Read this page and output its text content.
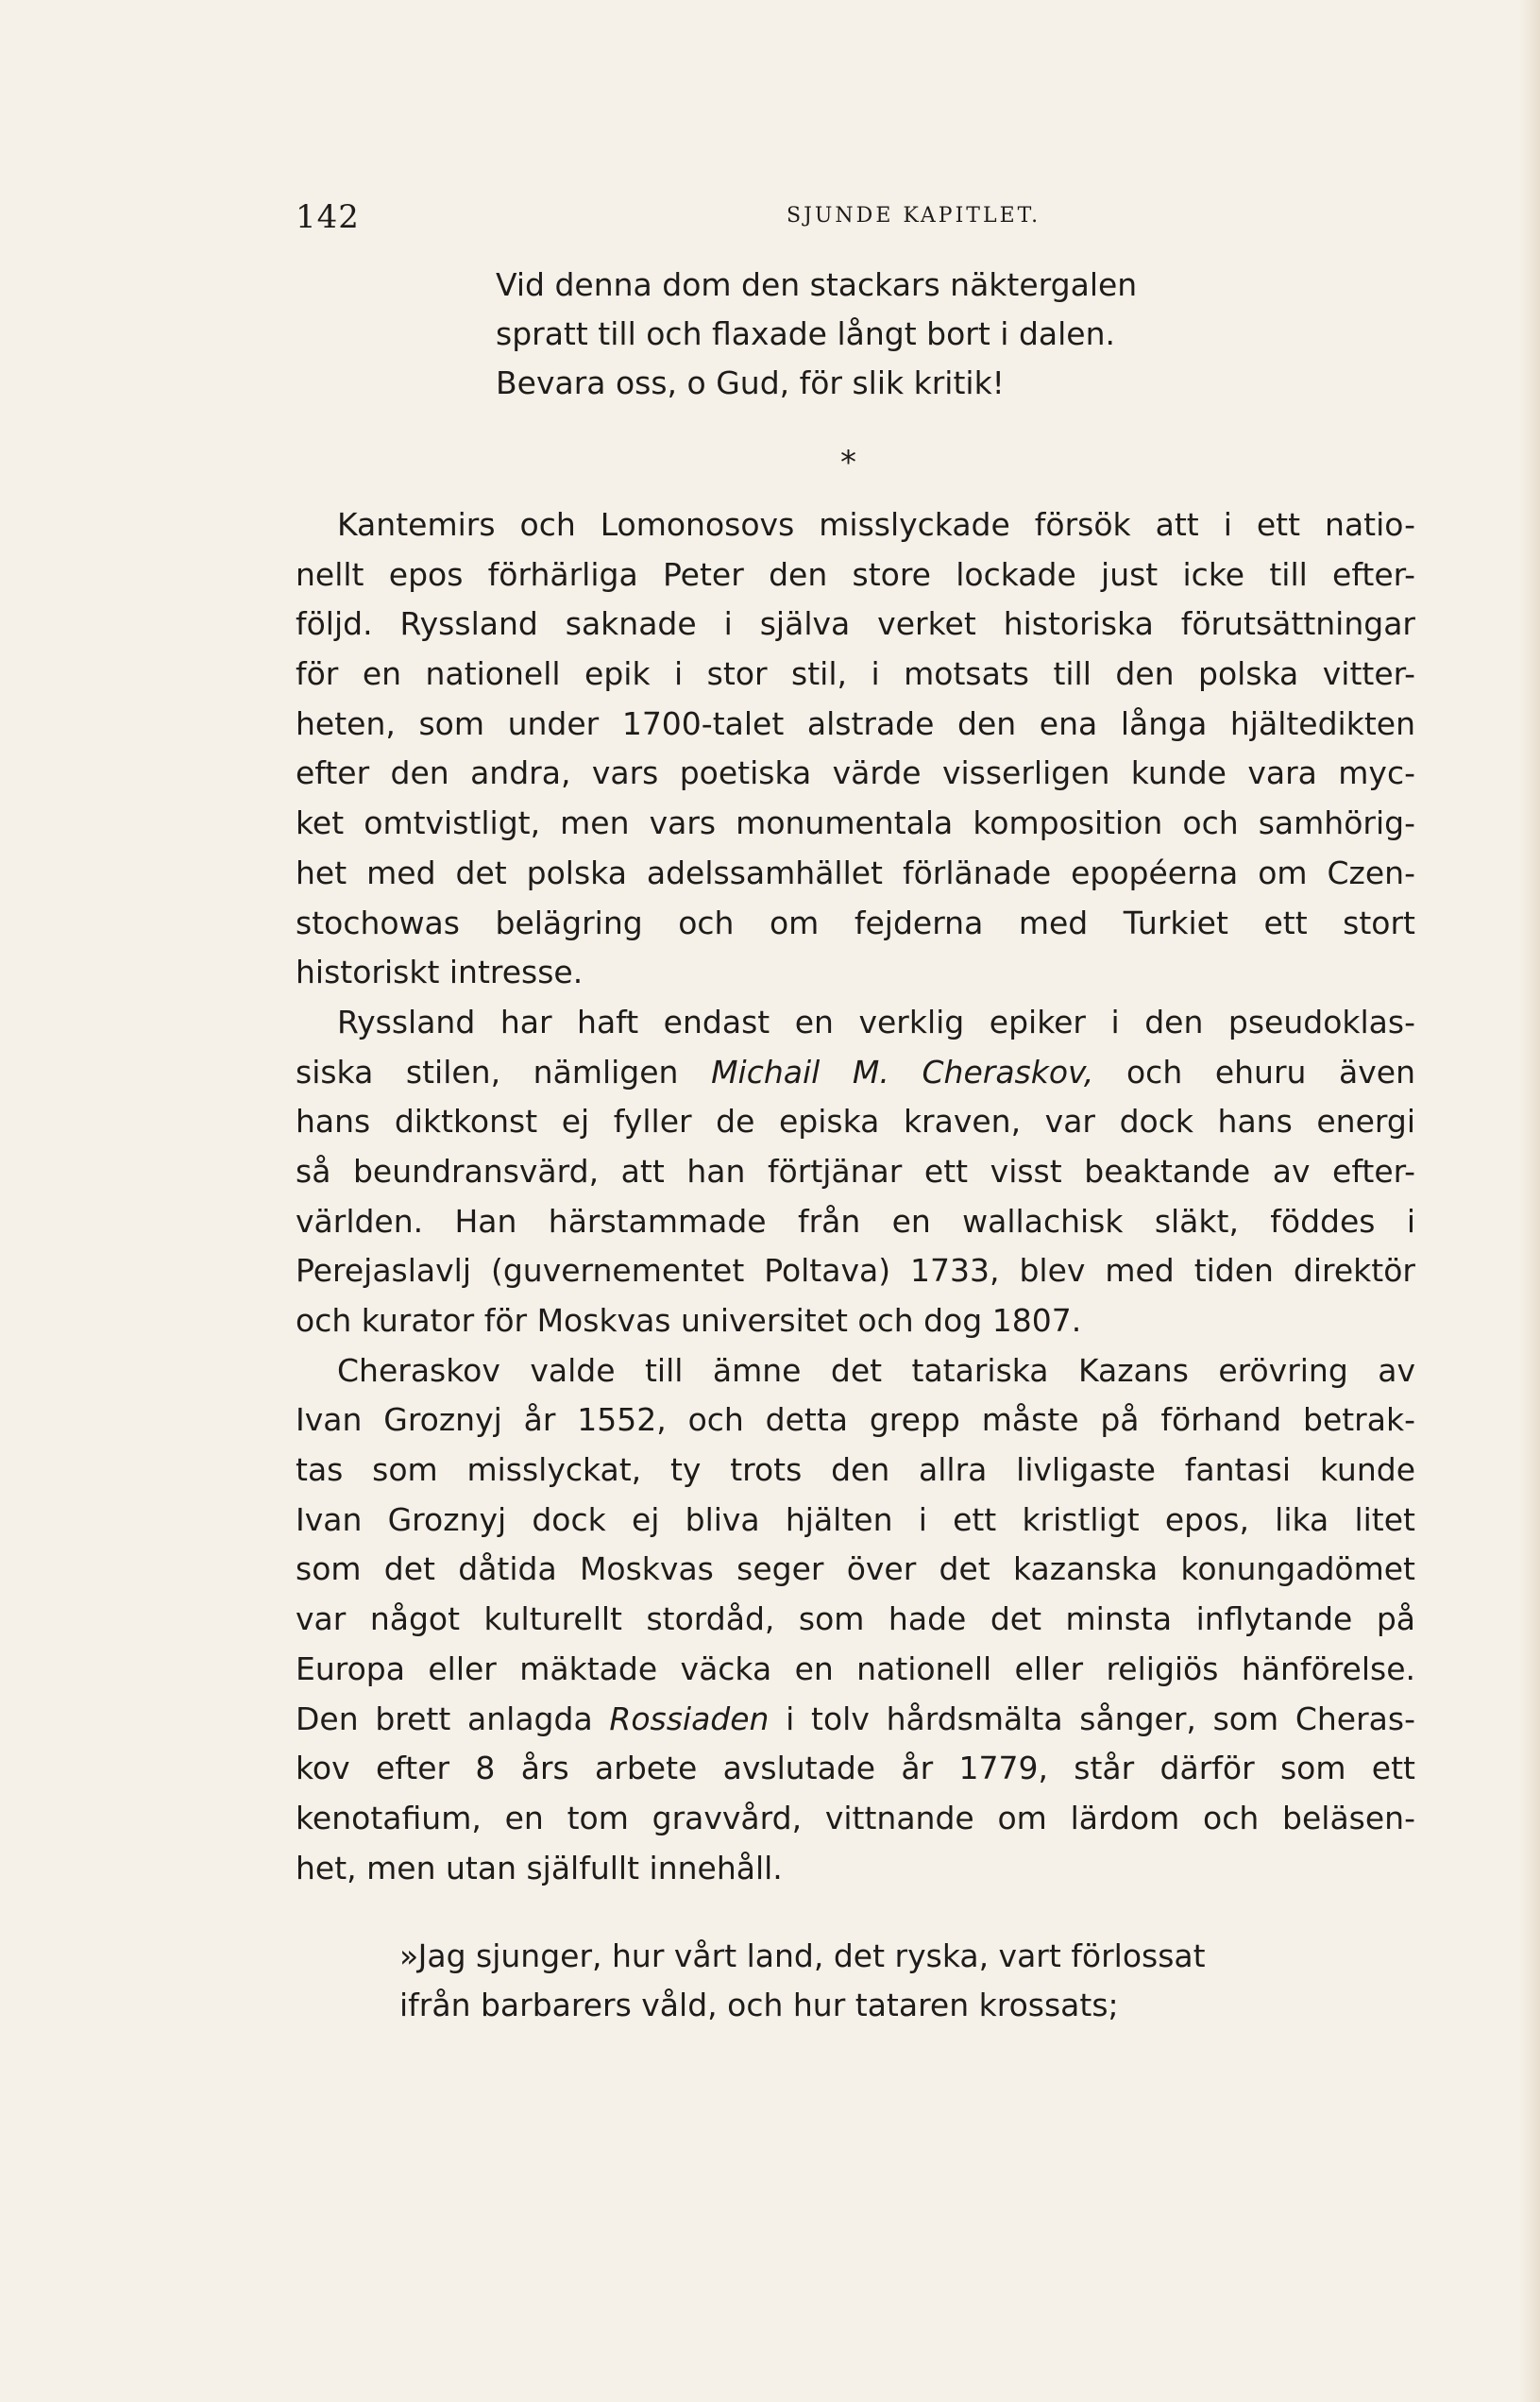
142	SJUNDE KAPITLET.
Vid denna dom den stackars näktergalen
spratt till och flaxade långt bort i dalen.
Bevara oss, o Gud, för slik kritik!
*
Kantemirs och Lomonosovs misslyckade försök att i ett natio-
nellt epos förhärliga Peter den store lockade just icke till efter-
följd. Ryssland saknade i själva verket historiska förutsättningar
för en nationell epik i stor stil, i motsats till den polska vitter-
heten, som under 1700-talet alstrade den ena långa hjältedikten
efter den andra, vars poetiska värde visserligen kunde vara myc-
ket omtvistligt, men vars monumentala komposition och samhörig-
het med det polska adelssamhället förlänade epopéerna om Czen-
stochowas belägring och om fejderna med Turkiet ett stort
historiskt intresse.
Ryssland har haft endast en verklig epiker i den pseudoklas-
siska stilen, nämligen Michail M. Cheraskov, och ehuru även
hans diktkonst ej fyller de episka kraven, var dock hans energi
så beundransvärd, att han förtjänar ett visst beaktande av efter-
världen. Han härstammade från en wallachisk släkt, föddes i
Perejaslavlj (guvernementet Poltava) 1733, blev med tiden direktör
och kurator för Moskvas universitet och dog 1807.
Cheraskov valde till ämne det tatariska Kazans erövring av
Ivan Groznyj år 1552, och detta grepp måste på förhand betrak-
tas som misslyckat, ty trots den allra livligaste fantasi kunde
Ivan Groznyj dock ej bliva hjälten i ett kristligt epos, lika litet
som det dåtida Moskvas seger över det kazanska konungadömet
var något kulturellt stordåd, som hade det minsta inflytande på
Europa eller mäktade väcka en nationell eller religiös hänförelse.
Den brett anlagda Rossiaden i tolv hårdsmälta sånger, som Cheras-
kov efter 8 års arbete avslutade år 1779, står därför som ett
kenotafium, en tom gravvård, vittnande om lärdom och beläsen-
het, men utan själfullt innehåll.
»Jag sjunger, hur vårt land, det ryska, vart förlossat
ifrån barbarers våld, och hur tataren krossats;
